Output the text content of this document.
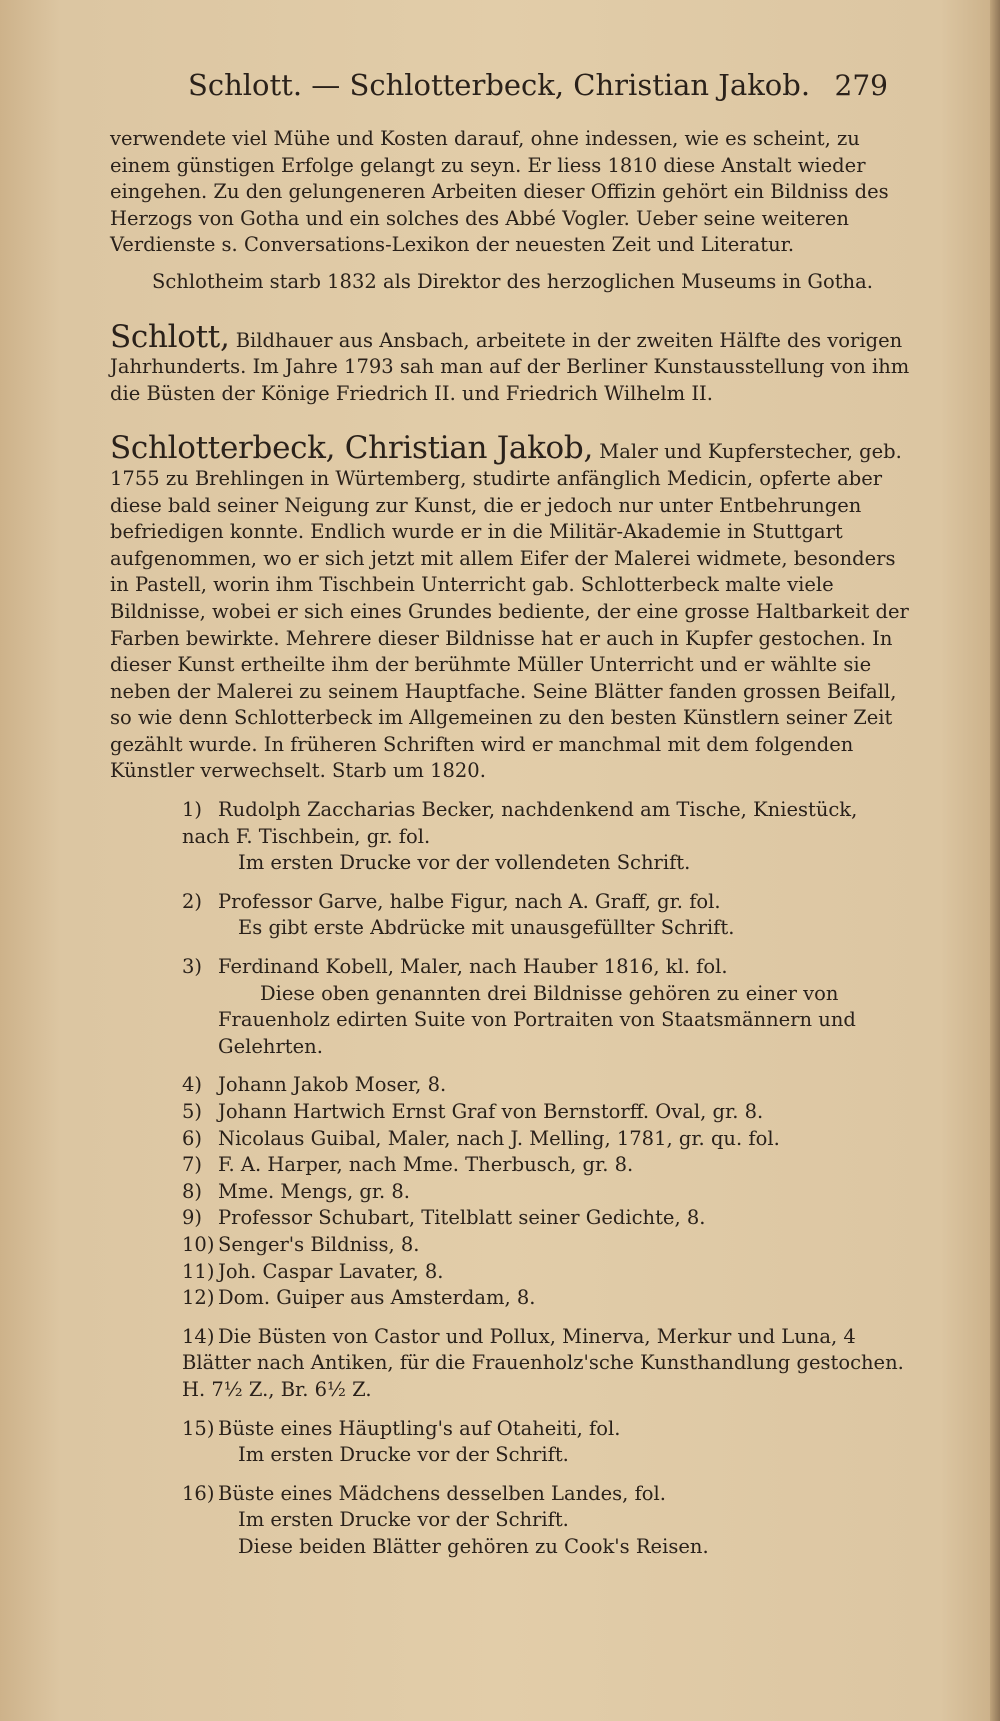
Schlott. — Schlotterbeck, Christian Jakob. 279

verwendete viel Mühe und Kosten darauf, ohne indessen, wie es scheint, zu einem günstigen Erfolge gelangt zu seyn. Er liess 1810 diese Anstalt wieder eingehen. Zu den gelungeneren Arbeiten dieser Offizin gehört ein Bildniss des Herzogs von Gotha und ein solches des Abbé Vogler. Ueber seine weiteren Verdienste s. Conversations-Lexikon der neuesten Zeit und Literatur.

Schlotheim starb 1832 als Direktor des herzoglichen Museums in Gotha.

Schlott, Bildhauer aus Ansbach, arbeitete in der zweiten Hälfte des vorigen Jahrhunderts. Im Jahre 1793 sah man auf der Berliner Kunstausstellung von ihm die Büsten der Könige Friedrich II. und Friedrich Wilhelm II.
Schlotterbeck, Christian Jakob, Maler und Kupferstecher, geb. 1755 zu Brehlingen in Würtemberg, studirte anfänglich Medicin, opferte aber diese bald seiner Neigung zur Kunst, die er jedoch nur unter Entbehrungen befriedigen konnte. Endlich wurde er in die Militär-Akademie in Stuttgart aufgenommen, wo er sich jetzt mit allem Eifer der Malerei widmete, besonders in Pastell, worin ihm Tischbein Unterricht gab. Schlotterbeck malte viele Bildnisse, wobei er sich eines Grundes bediente, der eine grosse Haltbarkeit der Farben bewirkte. Mehrere dieser Bildnisse hat er auch in Kupfer gestochen. In dieser Kunst ertheilte ihm der berühmte Müller Unterricht und er wählte sie neben der Malerei zu seinem Hauptfache. Seine Blätter fanden grossen Beifall, so wie denn Schlotterbeck im Allgemeinen zu den besten Künstlern seiner Zeit gezählt wurde. In früheren Schriften wird er manchmal mit dem folgenden Künstler verwechselt. Starb um 1820.
1) Rudolph Zaccharias Becker, nachdenkend am Tische, Kniestück, nach F. Tischbein, gr. fol.
Im ersten Drucke vor der vollendeten Schrift.
2) Professor Garve, halbe Figur, nach A. Graff, gr. fol.
Es gibt erste Abdrücke mit unausgefüllter Schrift.
3) Ferdinand Kobell, Maler, nach Hauber 1816, kl. fol.
Diese oben genannten drei Bildnisse gehören zu einer von Frauenholz edirten Suite von Portraiten von Staatsmännern und Gelehrten.
4) Johann Jakob Moser, 8.
5) Johann Hartwich Ernst Graf von Bernstorff. Oval, gr. 8.
6) Nicolaus Guibal, Maler, nach J. Melling, 1781, gr. qu. fol.
7) F. A. Harper, nach Mme. Therbusch, gr. 8.
8) Mme. Mengs, gr. 8.
9) Professor Schubart, Titelblatt seiner Gedichte, 8.
10) Senger's Bildniss, 8.
11) Joh. Caspar Lavater, 8.
12) Dom. Guiper aus Amsterdam, 8.
14) Die Büsten von Castor und Pollux, Minerva, Merkur und Luna, 4 Blätter nach Antiken, für die Frauenholz'sche Kunsthandlung gestochen. H. 7½ Z., Br. 6½ Z.
15) Büste eines Häuptling's auf Otaheiti, fol.
Im ersten Drucke vor der Schrift.
16) Büste eines Mädchens desselben Landes, fol.
Im ersten Drucke vor der Schrift.
Diese beiden Blätter gehören zu Cook's Reisen.
